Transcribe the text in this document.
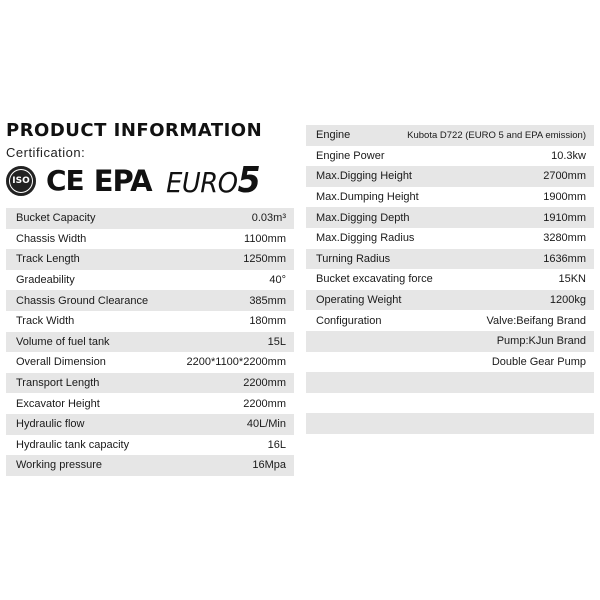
PRODUCT INFORMATION
Certification:
ISO CE EPA EURO5
Bucket Capacity	0.03m³
Chassis Width	1100mm
Track Length	1250mm
Gradeability	40°
Chassis Ground Clearance	385mm
Track Width	180mm
Volume of fuel tank	15L
Overall Dimension	2200*1100*2200mm
Transport Length	2200mm
Excavator Height	2200mm
Hydraulic flow	40L/Min
Hydraulic tank capacity	16L
Working pressure	16Mpa
Engine	Kubota D722 (EURO 5 and EPA emission)
Engine Power	10.3kw
Max.Digging Height	2700mm
Max.Dumping Height	1900mm
Max.Digging Depth	1910mm
Max.Digging Radius	3280mm
Turning Radius	1636mm
Bucket excavating force	15KN
Operating Weight	1200kg
Configuration	Valve:Beifang Brand
Pump:KJun Brand
Double Gear Pump
